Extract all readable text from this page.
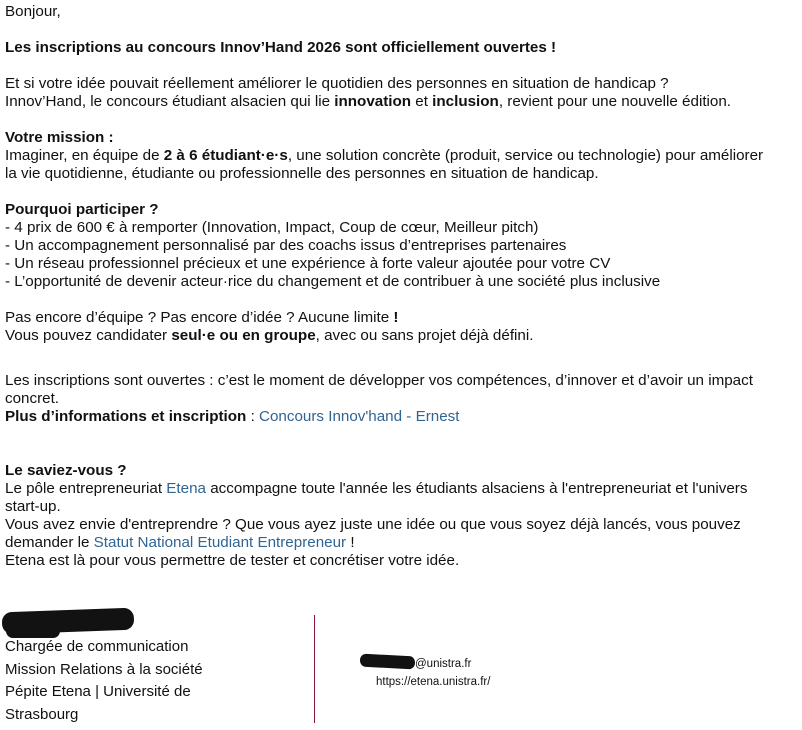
Bonjour,
Les inscriptions au concours Innov’Hand 2026 sont officiellement ouvertes !
Et si votre idée pouvait réellement améliorer le quotidien des personnes en situation de handicap ?
Innov’Hand, le concours étudiant alsacien qui lie innovation et inclusion, revient pour une nouvelle édition.
Votre mission :
Imaginer, en équipe de 2 à 6 étudiant·e·s, une solution concrète (produit, service ou technologie) pour améliorer
la vie quotidienne, étudiante ou professionnelle des personnes en situation de handicap.
Pourquoi participer ?
- 4 prix de 600 € à remporter (Innovation, Impact, Coup de cœur, Meilleur pitch)
- Un accompagnement personnalisé par des coachs issus d’entreprises partenaires
- Un réseau professionnel précieux et une expérience à forte valeur ajoutée pour votre CV
- L’opportunité de devenir acteur·rice du changement et de contribuer à une société plus inclusive
Pas encore d’équipe ? Pas encore d’idée ? Aucune limite !
Vous pouvez candidater seul·e ou en groupe, avec ou sans projet déjà défini.
Les inscriptions sont ouvertes : c’est le moment de développer vos compétences, d’innover et d’avoir un impact
concret.
Plus d’informations et inscription : Concours Innov'hand - Ernest
Le saviez-vous ?
Le pôle entrepreneuriat Etena accompagne toute l'année les étudiants alsaciens à l'entrepreneuriat et l'univers
start-up.
Vous avez envie d'entreprendre ? Que vous ayez juste une idée ou que vous soyez déjà lancés, vous pouvez
demander le Statut National Etudiant Entrepreneur !
Etena est là pour vous permettre de tester et concrétiser votre idée.
Chargée de communication
Mission Relations à la société
Pépite Etena | Université de
Strasbourg
@unistra.fr
https://etena.unistra.fr/
